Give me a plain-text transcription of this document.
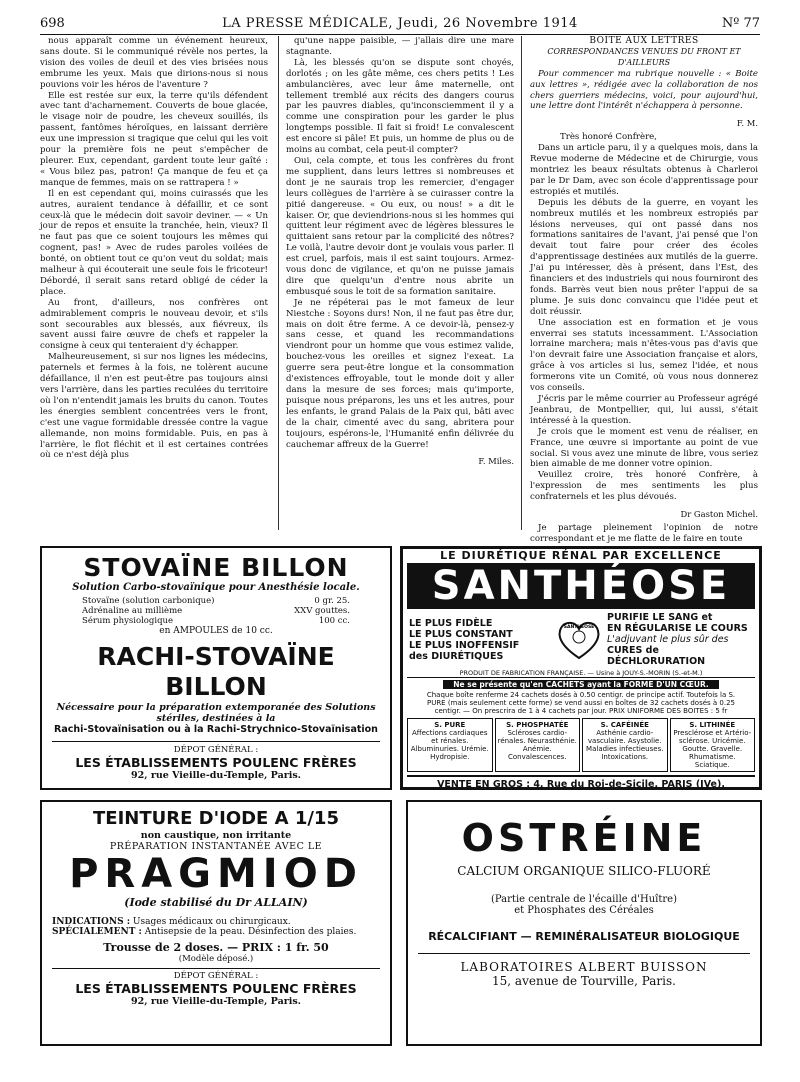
698	LA PRESSE MÉDICALE, Jeudi, 26 Novembre 1914	Nº 77

nous apparaît comme un événement heureux, sans doute. Si le communiqué révèle nos pertes, la vision des voiles de deuil et des vies brisées nous embrume les yeux. Mais que dirions-nous si nous pouvions voir les héros de l'aventure ?

Elle est restée sur eux, la terre qu'ils défendent avec tant d'acharnement. Couverts de boue glacée, le visage noir de poudre, les cheveux souillés, ils passent, fantômes héroïques, en laissant derrière eux une impression si tragique que celui qui les voit pour la première fois ne peut s'empêcher de pleurer. Eux, cependant, gardent toute leur gaîté : « Vous bilez pas, patron! Ça manque de feu et ça manque de femmes, mais on se rattrapera ! »

Il en est cependant qui, moins cuirassés que les autres, auraient tendance à défaillir, et ce sont ceux-là que le médecin doit savoir deviner. — « Un jour de repos et ensuite la tranchée, hein, vieux? Il ne faut pas que ce soient toujours les mêmes qui cognent, pas! » Avec de rudes paroles voilées de bonté, on obtient tout ce qu'on veut du soldat; mais malheur à qui écouterait une seule fois le fricoteur! Débordé, il serait sans retard obligé de céder la place.

Au front, d'ailleurs, nos confrères ont admirablement compris le nouveau devoir, et s'ils sont secourables aux blessés, aux fiévreux, ils savent aussi faire œuvre de chefs et rappeler la consigne à ceux qui tenteraient d'y échapper.

Malheureusement, si sur nos lignes les médecins, paternels et fermes à la fois, ne tolèrent aucune défaillance, il n'en est peut-être pas toujours ainsi vers l'arrière, dans les parties reculées du territoire où l'on n'entendit jamais les bruits du canon. Toutes les énergies semblent concentrées vers le front, c'est une vague formidable dressée contre la vague allemande, non moins formidable. Puis, en pas à l'arrière, le flot fléchit et il est certaines contrées où ce n'est déjà plus

qu'une nappe paisible, — j'allais dire une mare stagnante.

Là, les blessés qu'on se dispute sont choyés, dorlotés ; on les gâte même, ces chers petits ! Les ambulancières, avec leur âme maternelle, ont tellement tremblé aux récits des dangers courus par les pauvres diables, qu'inconsciemment il y a comme une conspiration pour les garder le plus longtemps possible. Il fait si froid! Le convalescent est encore si pâle! Et puis, un homme de plus ou de moins au combat, cela peut-il compter?

Oui, cela compte, et tous les confrères du front me supplient, dans leurs lettres si nombreuses et dont je ne saurais trop les remercier, d'engager leurs collègues de l'arrière à se cuirasser contre la pitié dangereuse. « Ou eux, ou nous! » a dit le kaiser. Or, que deviendrions-nous si les hommes qui quittent leur régiment avec de légères blessures le quittaient sans retour par la complicité des nôtres? Le voilà, l'autre devoir dont je voulais vous parler. Il est cruel, parfois, mais il est saint toujours. Armez-vous donc de vigilance, et qu'on ne puisse jamais dire que quelqu'un d'entre nous abrite un embusqué sous le toit de sa formation sanitaire.

Je ne répéterai pas le mot fameux de leur Niestche : Soyons durs! Non, il ne faut pas être dur, mais on doit être ferme. A ce devoir-là, pensez-y sans cesse, et quand les recommandations viendront pour un homme que vous estimez valide, bouchez-vous les oreilles et signez l'exeat. La guerre sera peut-être longue et la consommation d'existences effroyable, tout le monde doit y aller dans la mesure de ses forces; mais qu'importe, puisque nous préparons, les uns et les autres, pour les enfants, le grand Palais de la Paix qui, bâti avec de la chair, cimenté avec du sang, abritera pour toujours, espérons-le, l'Humanité enfin délivrée du cauchemar affreux de la Guerre!

F. Miles.
BOITE AUX LETTRES
CORRESPONDANCES VENUES DU FRONT ET D'AILLEURS

Pour commencer ma rubrique nouvelle : « Boite aux lettres », rédigée avec la collaboration de nos chers guerriers médecins, voici, pour aujourd'hui, une lettre dont l'intérêt n'échappera à personne.

F. M.

Très honoré Confrère,

Dans un article paru, il y a quelques mois, dans la Revue moderne de Médecine et de Chirurgie, vous montriez les beaux résultats obtenus à Charleroi par le Dr Dam, avec son école d'apprentissage pour estropiés et mutilés.

Depuis les débuts de la guerre, en voyant les nombreux mutilés et les nombreux estropiés par lésions nerveuses, qui ont passé dans nos formations sanitaires de l'avant, j'ai pensé que l'on devait tout faire pour créer des écoles d'apprentissage destinées aux mutilés de la guerre. J'ai pu intéresser, dès à présent, dans l'Est, des financiers et des industriels qui nous fourniront des fonds. Barrès veut bien nous prêter l'appui de sa plume. Je suis donc convaincu que l'idée peut et doit réussir.

Une association est en formation et je vous enverrai ses statuts incessamment. L'Association lorraine marchera; mais n'êtes-vous pas d'avis que l'on devrait faire une Association française et alors, grâce à vos articles si lus, semez l'idée, et nous formerons vite un Comité, où vous nous donnerez vos conseils.

J'écris par le même courrier au Professeur agrégé Jeanbrau, de Montpellier, qui, lui aussi, s'était intéressé à la question.

Je crois que le moment est venu de réaliser, en France, une œuvre si importante au point de vue social. Si vous avez une minute de libre, vous seriez bien aimable de me donner votre opinion.

Veuillez croire, très honoré Confrère, à l'expression de mes sentiments les plus confraternels et les plus dévoués.

Dr Gaston Michel.

Je partage pleinement l'opinion de notre correspondant et je me flatte de le faire en toute

STOVAÏNE BILLON
Solution Carbo-stovaïnique pour Anesthésie locale.
Stovaïne (solution carbonique)	0 gr. 25.
Adrénaline au millième	XXV gouttes.
Sérum physiologique	100 cc.
en AMPOULES de 10 cc.
RACHI-STOVAÏNE BILLON
Nécessaire pour la préparation extemporanée des Solutions stériles, destinées à la
Rachi-Stovaïnisation ou à la Rachi-Strychnico-Stovaïnisation
DÉPOT GÉNÉRAL :
LES ÉTABLISSEMENTS POULENC FRÈRES
92, rue Vieille-du-Temple, Paris.
LE DIURÉTIQUE RÉNAL PAR EXCELLENCE
SANTHÉOSE
LE PLUS FIDÈLE
LE PLUS CONSTANT
LE PLUS INOFFENSIF
des DIURÉTIQUES
SANTHÉOSE
PURIFIE LE SANG et
EN RÉGULARISE LE COURS
L'adjuvant le plus sûr des
CURES de DÉCHLORURATION
PRODUIT DE FABRICATION FRANÇAISE. — Usine à JOUY-S.-MORIN (S.-et-M.)
Ne se présente qu'en CACHETS ayant la FORME D'UN CŒUR.
Chaque boîte renferme 24 cachets dosés à 0.50 centigr. de principe actif. Toutefois la S. PURE (mais seulement cette forme) se vend aussi en boîtes de 32 cachets dosés à 0.25 centigr. — On prescrira de 1 à 4 cachets par jour. PRIX UNIFORME DES BOITES : 5 fr
S. PURE
Affections cardiaques et rénales. Albuminuries. Urémie. Hydropisie.
S. PHOSPHATÉE
Scléroses cardio-rénales. Neurasthénie. Anémie. Convalescences.
S. CAFÉINÉE
Asthénie cardio-vasculaire. Asystolie. Maladies infectieuses. Intoxications.
S. LITHINÉE
Presclérose et Artério-sclérose. Uricémie. Goutte. Gravelle. Rhumatisme. Sciatique.
VENTE EN GROS : 4, Rue du Roi-de-Sicile, PARIS (IVe).
TEINTURE D'IODE A 1/15
non caustique, non irritante
PRÉPARATION INSTANTANÉE AVEC LE
PRAGMIOD
(Iode stabilisé du Dr ALLAIN)
INDICATIONS : Usages médicaux ou chirurgicaux.
SPÉCIALEMENT : Antisepsie de la peau. Désinfection des plaies.
Trousse de 2 doses. — PRIX : 1 fr. 50
(Modèle déposé.)
DÉPOT GÉNÉRAL :
LES ÉTABLISSEMENTS POULENC FRÈRES
92, rue Vieille-du-Temple, Paris.
OSTRÉINE
CALCIUM ORGANIQUE SILICO-FLUORÉ
(Partie centrale de l'écaille d'Huître)
et Phosphates des Céréales
RÉCALCIFIANT — REMINÉRALISATEUR BIOLOGIQUE
LABORATOIRES ALBERT BUISSON
15, avenue de Tourville, Paris.
